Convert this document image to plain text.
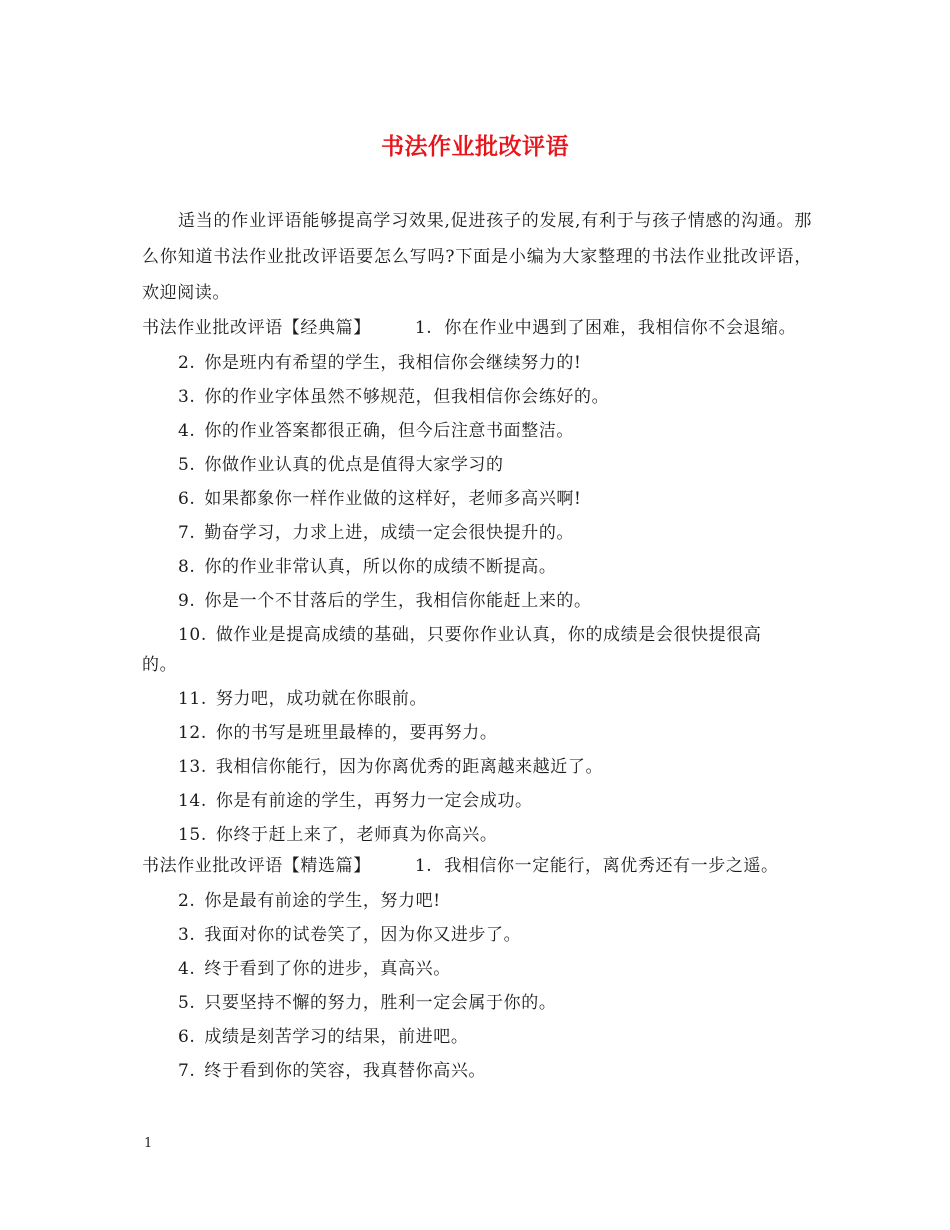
书法作业批改评语
适当的作业评语能够提高学习效果,促进孩子的发展,有利于与孩子情感的沟通。那么你知道书法作业批改评语要怎么写吗?下面是小编为大家整理的书法作业批改评语，欢迎阅读。
书法作业批改评语【经典篇】	1. 你在作业中遇到了困难，我相信你不会退缩。
2. 你是班内有希望的学生，我相信你会继续努力的!
3. 你的作业字体虽然不够规范，但我相信你会练好的。
4. 你的作业答案都很正确，但今后注意书面整洁。
5. 你做作业认真的优点是值得大家学习的
6. 如果都象你一样作业做的这样好，老师多高兴啊!
7. 勤奋学习，力求上进，成绩一定会很快提升的。
8. 你的作业非常认真，所以你的成绩不断提高。
9. 你是一个不甘落后的学生，我相信你能赶上来的。
10. 做作业是提高成绩的基础，只要你作业认真，你的成绩是会很快提很高
的。
11. 努力吧，成功就在你眼前。
12. 你的书写是班里最棒的，要再努力。
13. 我相信你能行，因为你离优秀的距离越来越近了。
14. 你是有前途的学生，再努力一定会成功。
15. 你终于赶上来了，老师真为你高兴。
书法作业批改评语【精选篇】	1. 我相信你一定能行，离优秀还有一步之遥。
2. 你是最有前途的学生，努力吧!
3. 我面对你的试卷笑了，因为你又进步了。
4. 终于看到了你的进步，真高兴。
5. 只要坚持不懈的努力，胜利一定会属于你的。
6. 成绩是刻苦学习的结果，前进吧。
7. 终于看到你的笑容，我真替你高兴。
1
